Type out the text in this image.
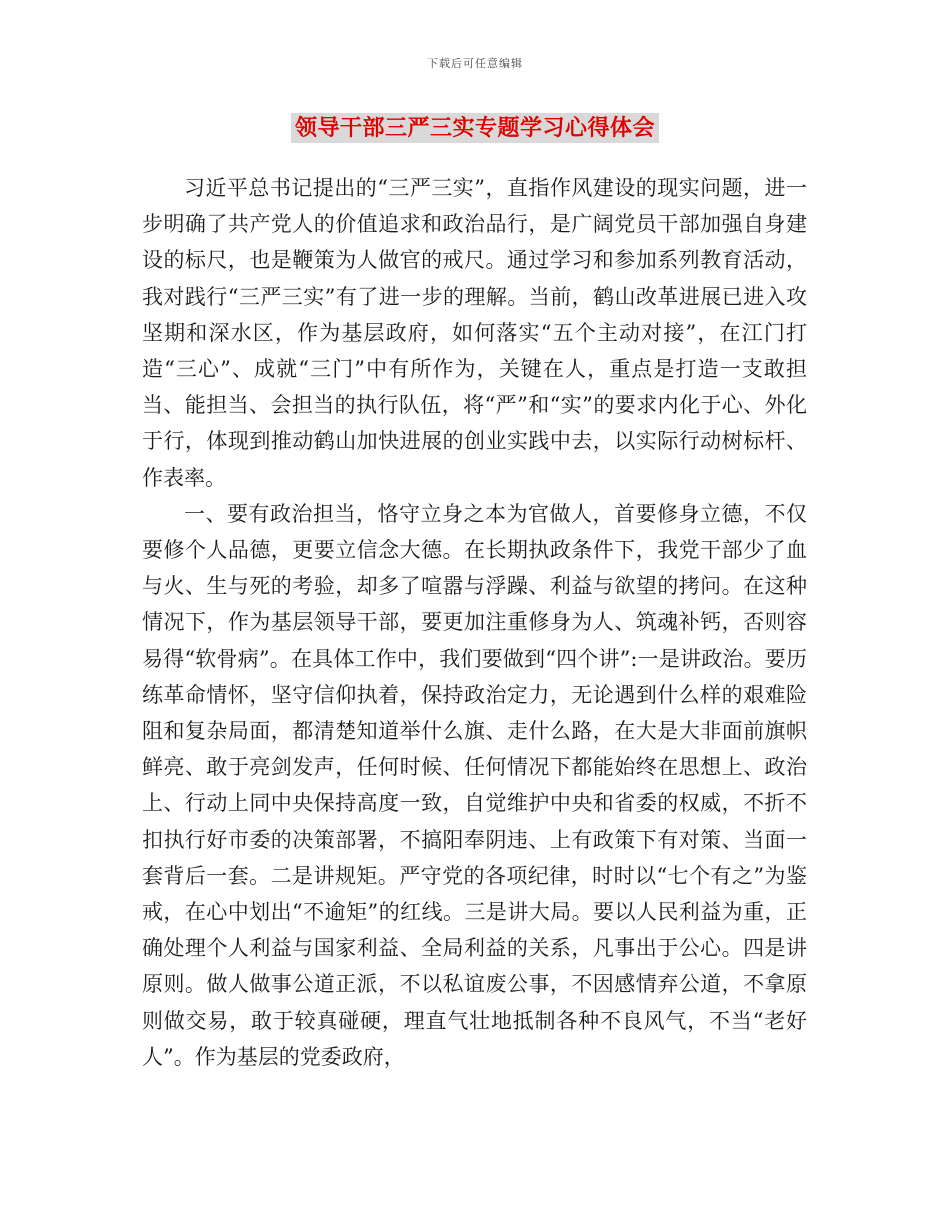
下载后可任意编辑
领导干部三严三实专题学习心得体会

习近平总书记提出的“三严三实”，直指作风建设的现实问题，进一步明确了共产党人的价值追求和政治品行，是广阔党员干部加强自身建设的标尺，也是鞭策为人做官的戒尺。通过学习和参加系列教育活动，我对践行“三严三实”有了进一步的理解。当前，鹤山改革进展已进入攻坚期和深水区，作为基层政府，如何落实“五个主动对接”，在江门打造“三心”、成就“三门”中有所作为，关键在人，重点是打造一支敢担当、能担当、会担当的执行队伍，将“严”和“实”的要求内化于心、外化于行，体现到推动鹤山加快进展的创业实践中去，以实际行动树标杆、作表率。

一、要有政治担当，恪守立身之本为官做人，首要修身立德，不仅要修个人品德，更要立信念大德。在长期执政条件下，我党干部少了血与火、生与死的考验，却多了喧嚣与浮躁、利益与欲望的拷问。在这种情况下，作为基层领导干部，要更加注重修身为人、筑魂补钙，否则容易得“软骨病”。在具体工作中，我们要做到“四个讲”:一是讲政治。要历练革命情怀，坚守信仰执着，保持政治定力，无论遇到什么样的艰难险阻和复杂局面，都清楚知道举什么旗、走什么路，在大是大非面前旗帜鲜亮、敢于亮剑发声，任何时候、任何情况下都能始终在思想上、政治上、行动上同中央保持高度一致，自觉维护中央和省委的权威，不折不扣执行好市委的决策部署，不搞阳奉阴违、上有政策下有对策、当面一套背后一套。二是讲规矩。严守党的各项纪律，时时以“七个有之”为鉴戒，在心中划出“不逾矩”的红线。三是讲大局。要以人民利益为重，正确处理个人利益与国家利益、全局利益的关系，凡事出于公心。四是讲原则。做人做事公道正派，不以私谊废公事，不因感情弃公道，不拿原则做交易，敢于较真碰硬，理直气壮地抵制各种不良风气，不当“老好人”。作为基层的党委政府，
